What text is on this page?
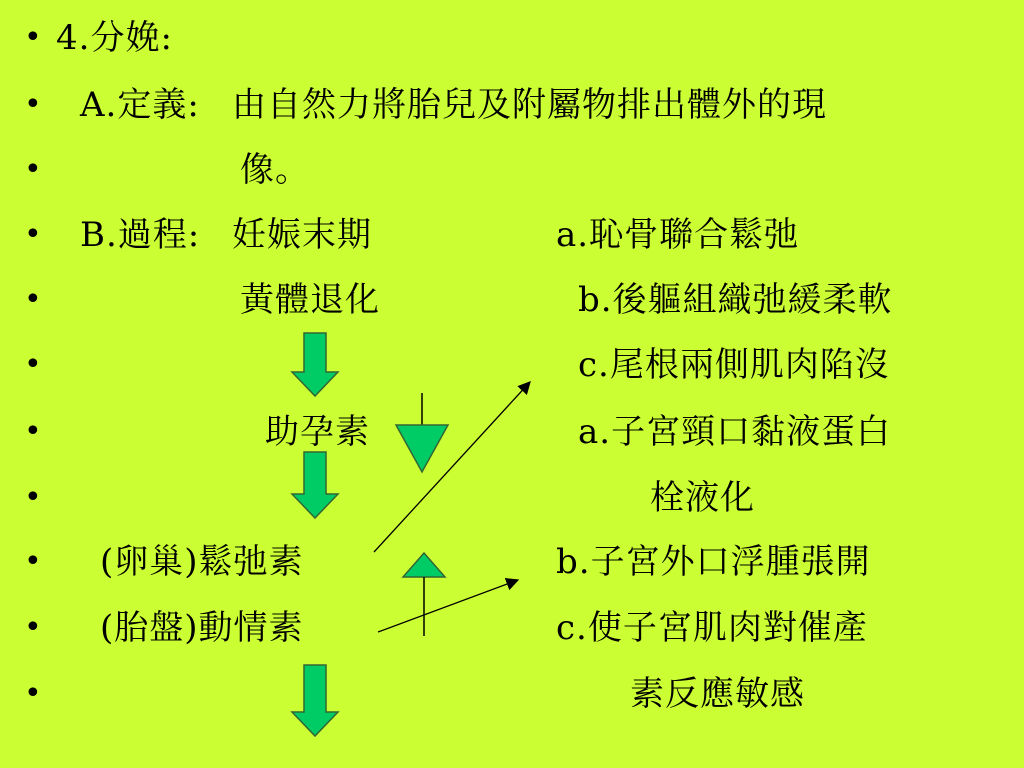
•
•
•
•
•
•
•
•
•
•
•
4.分娩:
A.定義: 由自然力將胎兒及附屬物排出體外的現
像。
B.過程: 妊娠末期
黃體退化
助孕素
(卵巢)鬆弛素
(胎盤)動情素
a.恥骨聯合鬆弛
b.後軀組織弛緩柔軟
c.尾根兩側肌肉陷沒
a.子宮頸口黏液蛋白
栓液化
b.子宮外口浮腫張開
c.使子宮肌肉對催產
素反應敏感
